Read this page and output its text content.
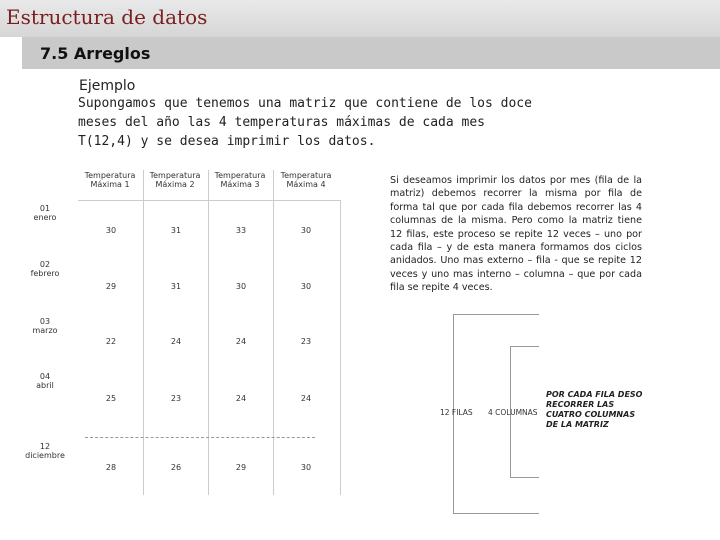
Estructura de datos
7.5 Arreglos
Ejemplo
Supongamos que tenemos una matriz que contiene de los doce
meses del año las 4 temperaturas máximas de cada mes
T(12,4) y se desea imprimir los datos.
Temperatura Máxima 1
Temperatura Máxima 2
Temperatura Máxima 3
Temperatura Máxima 4
01
enero
30	31	33	30
02
febrero
29	31	30	30
03
marzo
22	24	24	23
04
abril
25	23	24	24
12
diciembre
28	26	29	30
Si deseamos imprimir los datos por mes (fila de la matriz) debemos recorrer la misma por fila de forma tal que por cada fila debemos recorrer las 4 columnas de la misma. Pero como la matriz tiene 12 filas, este proceso se repite 12 veces – uno por cada fila – y de esta manera formamos dos ciclos anidados. Uno mas externo – fila - que se repite 12 veces y uno mas interno – columna – que por cada fila se repite 4 veces.
12 FILAS 4 COLUMNAS
POR CADA FILA DESO
RECORRER LAS
CUATRO COLUMNAS
DE LA MATRIZ
